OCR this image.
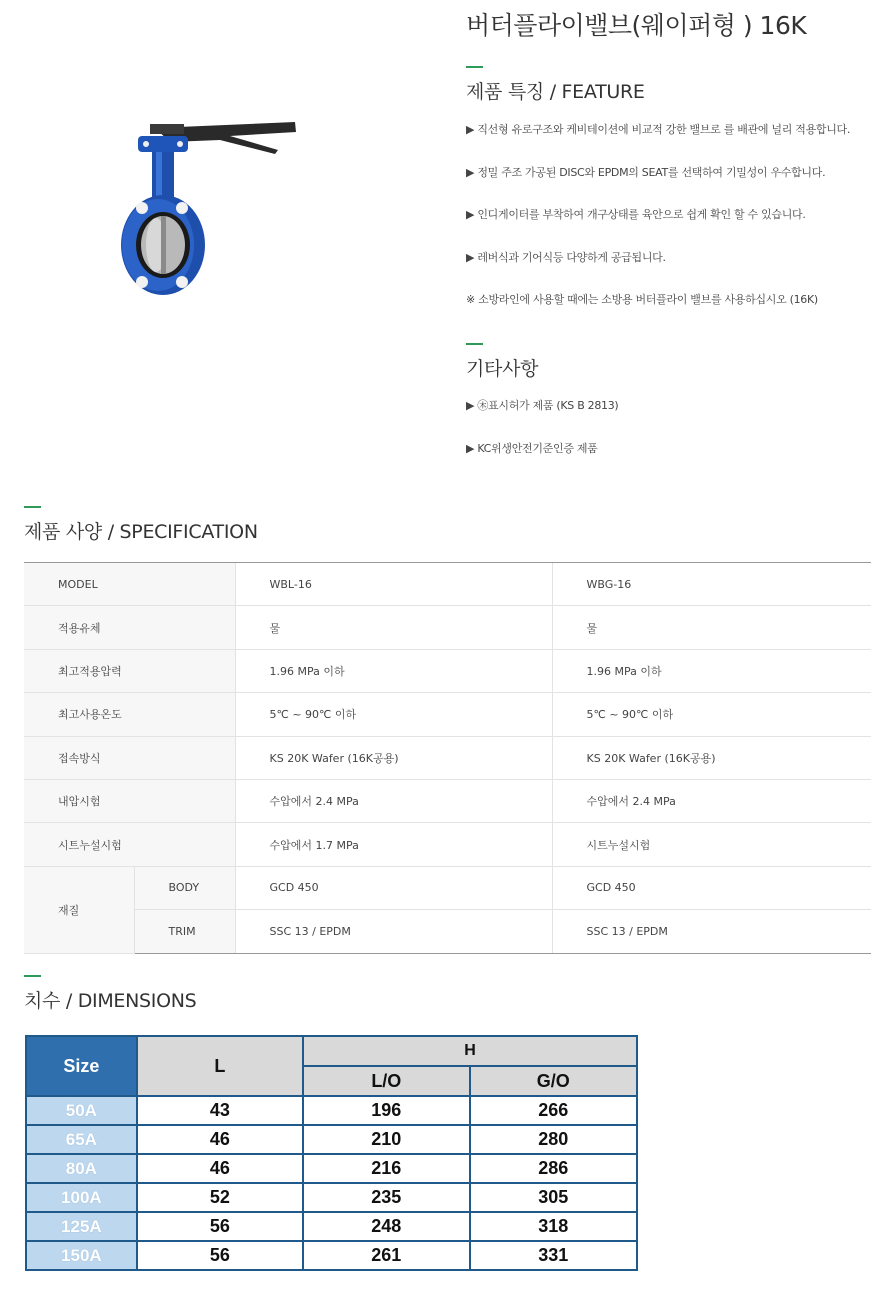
버터플라이밸브(웨이퍼형 ) 16K
제품 특징 / FEATURE
▶ 직선형 유로구조와 케비테이션에 비교적 강한 밸브로 를 배관에 널리 적용합니다.
▶ 정밀 주조 가공된 DISC와 EPDM의 SEAT를 선택하여 기밀성이 우수합니다.
▶ 인디게이터를 부착하여 개구상태를 육안으로 쉽게 확인 할 수 있습니다.
▶ 레버식과 기어식등 다양하게 공급됩니다.
※ 소방라인에 사용할 때에는 소방용 버터플라이 밸브를 사용하십시오 (16K)
기타사항
▶ ㊍표시허가 제품 (KS B 2813)
▶ KC위생안전기준인증 제품
제품 사양 / SPECIFICATION
MODEL		WBL-16	WBG-16
적용유체		물	물
최고적용압력		1.96 MPa 이하	1.96 MPa 이하
최고사용온도		5℃ ~ 90℃ 이하	5℃ ~ 90℃ 이하
접속방식		KS 20K Wafer (16K공용)	KS 20K Wafer (16K공용)
내압시험		수압에서 2.4 MPa	수압에서 2.4 MPa
시트누설시험		수압에서 1.7 MPa	시트누설시험
재질	BODY	GCD 450	GCD 450
	TRIM	SSC 13 / EPDM	SSC 13 / EPDM
치수 / DIMENSIONS
Size	L	H	
		L/O	G/O
50A	43	196	266
65A	46	210	280
80A	46	216	286
100A	52	235	305
125A	56	248	318
150A	56	261	331
